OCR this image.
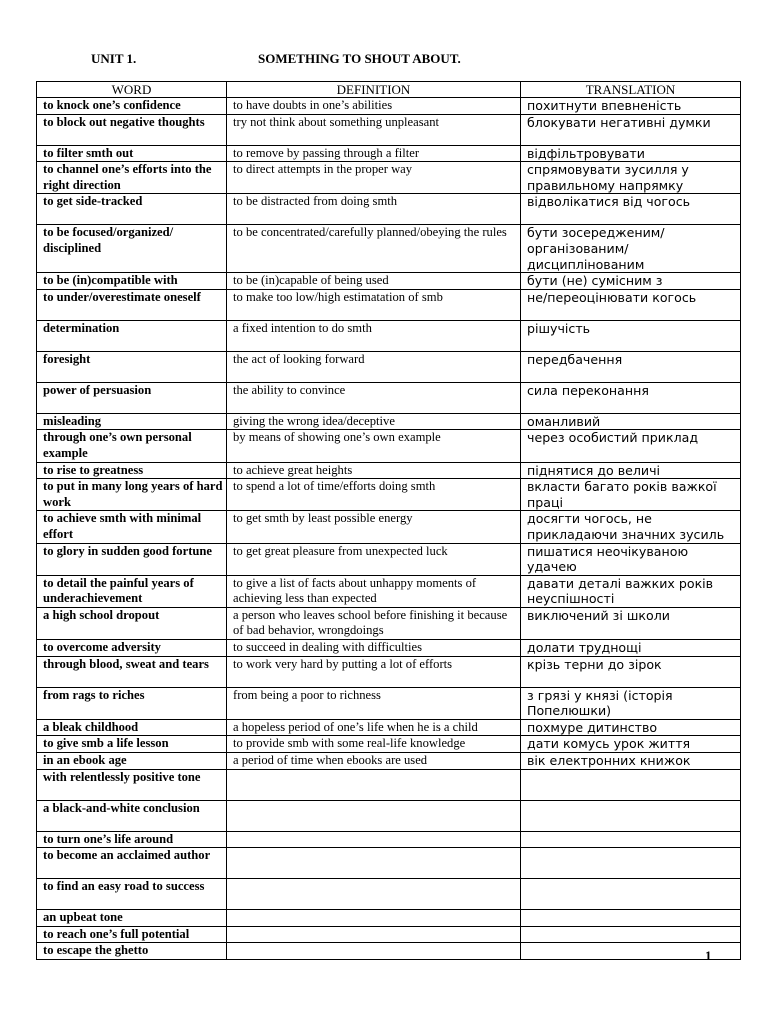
UNIT 1.	SOMETHING TO SHOUT ABOUT.
WORD	DEFINITION	TRANSLATION
to knock one’s confidence	to have doubts in one’s abilities	похитнути впевненість
to block out negative thoughts	try not think about something unpleasant	блокувати негативні думки
to filter smth out	to remove by passing through a filter	відфільтровувати
to channel one’s efforts into the right direction	to direct attempts in the proper way	спрямовувати зусилля у правильному напрямку
to get side-tracked	to be distracted from doing smth	відволікатися від чогось
to be focused/organized/ disciplined	to be concentrated/carefully planned/obeying the rules	бути зосередженим/ організованим/дисциплінованим
to be (in)compatible with	to be (in)capable of being used	бути (не) сумісним з
to under/overestimate oneself	to make too low/high estimatation of smb	не/переоцінювати когось
determination	a fixed intention to do smth	рішучість
foresight	the act of looking forward	передбачення
power of persuasion	the ability to convince	сила переконання
misleading	giving the wrong idea/deceptive	оманливий
through one’s own personal example	by means of showing one’s own example	через особистий приклад
to rise to greatness	to achieve great heights	піднятися до величі
to put in many long years of hard work	to spend a lot of time/efforts doing smth	вкласти багато років важкої праці
to achieve smth with minimal effort	to get smth by least possible energy	досягти чогось, не прикладаючи значних зусиль
to glory in sudden good fortune	to get great pleasure from unexpected luck	пишатися неочікуваною удачею
to detail the painful years of underachievement	to give a list of facts about unhappy moments of achieving less than expected	давати деталі важких років неуспішності
a high school dropout	a person who leaves school before finishing it because of bad behavior, wrongdoings	виключений зі школи
to overcome adversity	to succeed in dealing with difficulties	долати труднощі
through blood, sweat and tears	to work very hard by putting a lot of efforts	крізь терни до зірок
from rags to riches	from being a poor to richness	з грязі у князі (історія Попелюшки)
a bleak childhood	a hopeless period of one’s life when he is a child	похмуре дитинство
to give smb a life lesson	to provide smb with some real-life knowledge	дати комусь урок життя
in an ebook age	a period of time when ebooks are used	вік електронних книжок
with relentlessly positive tone		
a black-and-white conclusion		
to turn one’s life around		
to become an acclaimed author		
to find an easy road to success		
an upbeat tone		
to reach one’s full potential		
to escape the ghetto			1
